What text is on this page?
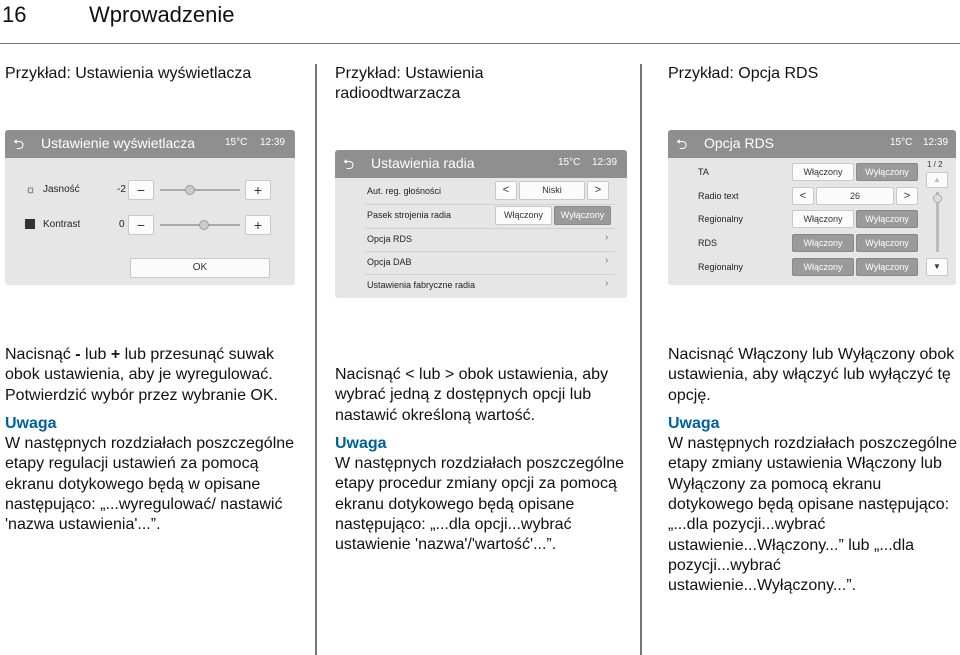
16	Wprowadzenie
Przykład: Ustawienia wyświetlacza
⮌ Ustawienie wyświetlacza	15°C 12:39
☼ Jasność	-2 −	+
Kontrast	0 −	+
OK
Nacisnąć - lub + lub przesunąć suwak obok ustawienia, aby je wyregulować.
Potwierdzić wybór przez wybranie OK.
Uwaga
W następnych rozdziałach poszczególne etapy regulacji ustawień za pomocą ekranu dotykowego będą w opisane następująco: „...wyregulować/ nastawić 'nazwa ustawienia'...”.
Przykład: Ustawienia radioodtwarzacza
⮌ Ustawienia radia	15°C 12:39
Aut. reg. głośności	<	Niski	>
Pasek strojenia radia	Włączony	Wyłączony
Opcja RDS	›
Opcja DAB	›
Ustawienia fabryczne radia	›
Nacisnąć < lub > obok ustawienia, aby wybrać jedną z dostępnych opcji lub nastawić określoną wartość.
Uwaga
W następnych rozdziałach poszczególne etapy procedur zmiany opcji za pomocą ekranu dotykowego będą opisane następująco: „...dla opcji...wybrać ustawienie 'nazwa'/'wartość'...”.
Przykład: Opcja RDS
⮌ Opcja RDS	15°C 12:39
TA	Włączony	Wyłączony
Radio text	<	26	>
Regionalny	Włączony	Wyłączony
RDS	Włączony	Wyłączony
Regionalny	Włączony	Wyłączony
1 / 2
▲
▼
Nacisnąć Włączony lub Wyłączony obok ustawienia, aby włączyć lub wyłączyć tę opcję.
Uwaga
W następnych rozdziałach poszczególne etapy zmiany ustawienia Włączony lub Wyłączony za pomocą ekranu dotykowego będą opisane następująco: „...dla pozycji...wybrać ustawienie...Włączony...” lub „...dla pozycji...wybrać ustawienie...Wyłączony...”.
